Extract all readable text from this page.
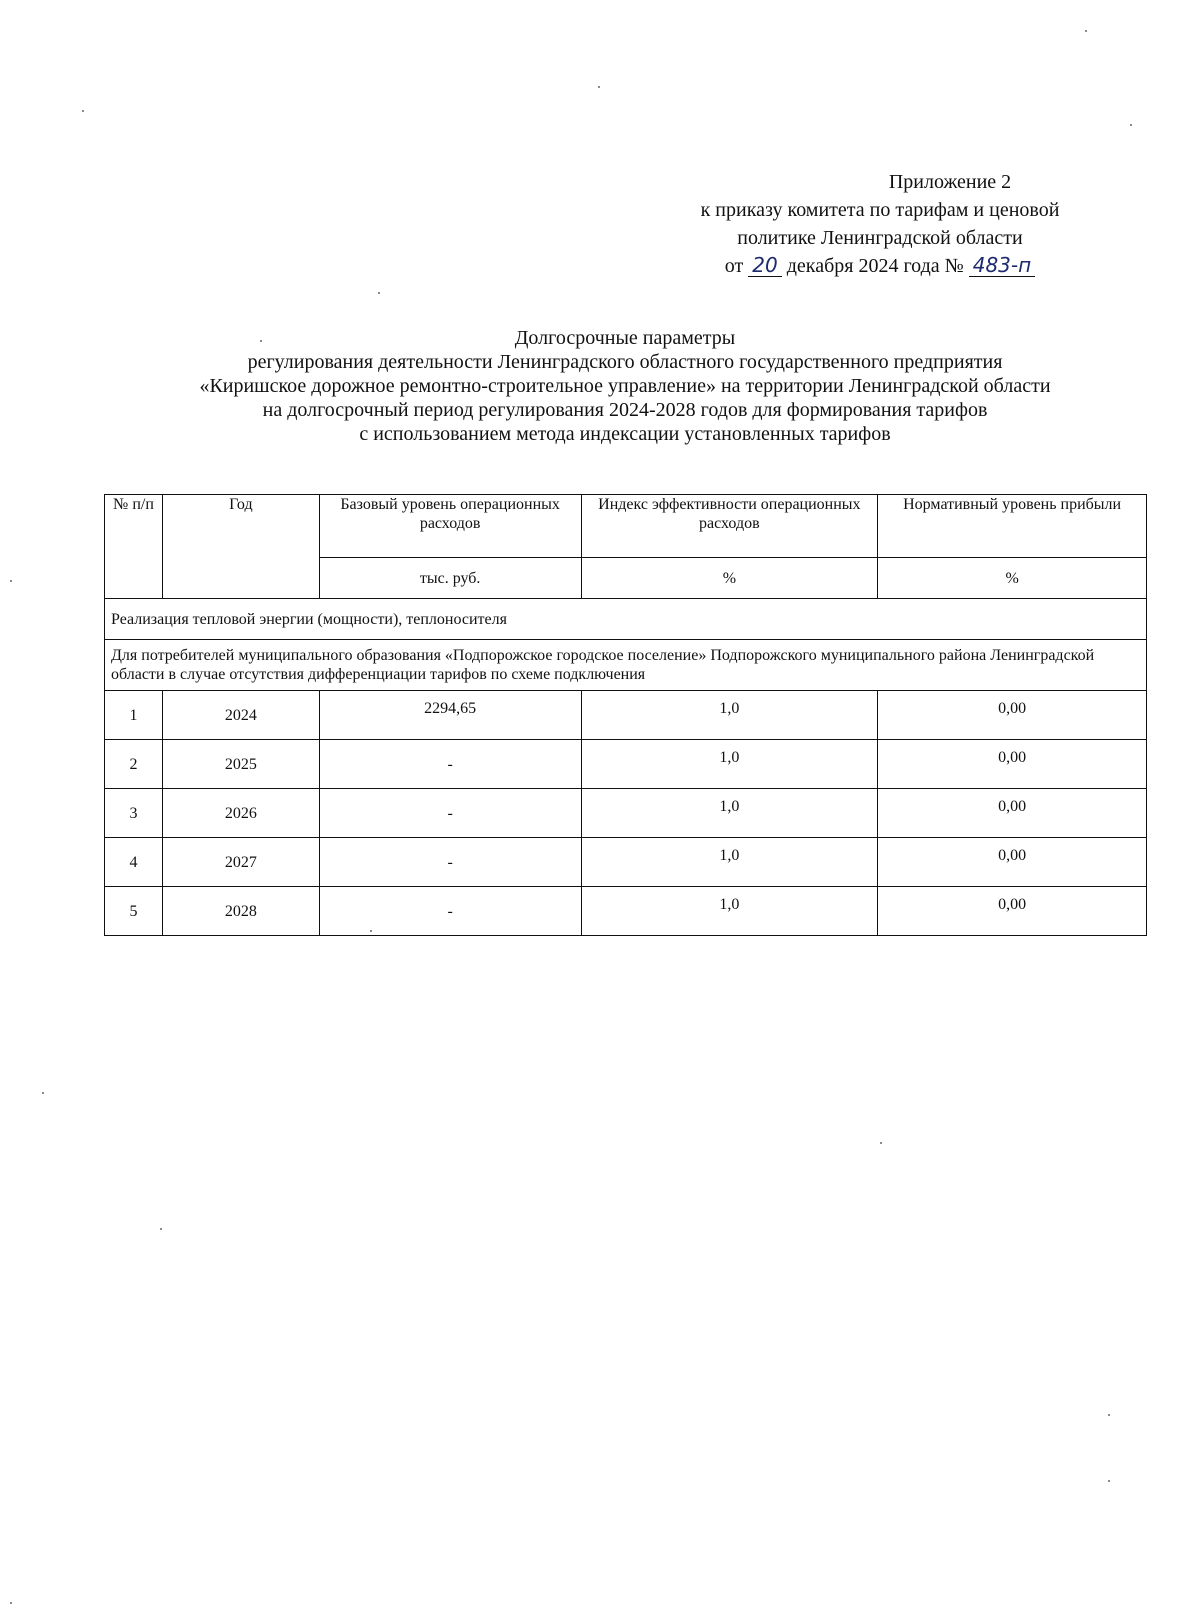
Приложение 2
к приказу комитета по тарифам и ценовой
политике Ленинградской области
от 20 декабря 2024 года № 483-п
Долгосрочные параметры
регулирования деятельности Ленинградского областного государственного предприятия
«Киришское дорожное ремонтно-строительное управление» на территории Ленинградской области
на долгосрочный период регулирования 2024-2028 годов для формирования тарифов
с использованием метода индексации установленных тарифов
№ п/п	Год	Базовый уровень операционных расходов	Индекс эффективности операционных расходов	Нормативный уровень прибыли
		тыс. руб.	%	%
Реализация тепловой энергии (мощности), теплоносителя				
Для потребителей муниципального образования «Подпорожское городское поселение» Подпорожского муниципального района Ленинградской области в случае отсутствия дифференциации тарифов по схеме подключения				
1	2024	2294,65	1,0	0,00
2	2025	-	1,0	0,00
3	2026	-	1,0	0,00
4	2027	-	1,0	0,00
5	2028	-	1,0	0,00
